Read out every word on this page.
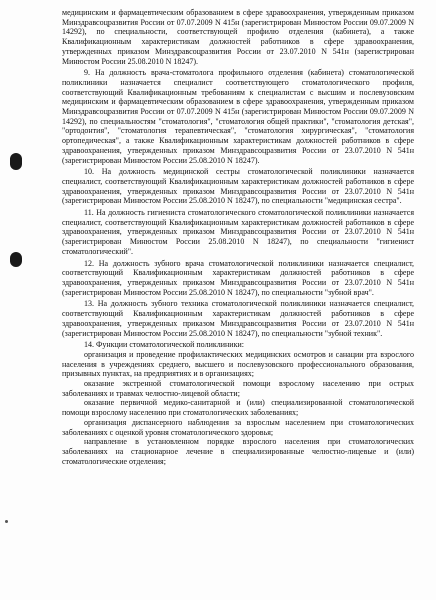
медицинским и фармацевтическим образованием в сфере здравоохранения, утвержденным приказом Минздравсоцразвития России от 07.07.2009 N 415н (зарегистрирован Минюстом России 09.07.2009 N 14292), по специальности, соответствующей профилю отделения (кабинета), а также Квалификационным характеристикам должностей работников в сфере здравоохранения, утвержденных приказом Минздравсоцразвития России от 23.07.2010 N 541н (зарегистрирован Минюстом России 25.08.2010 N 18247).

9. На должность врача-стоматолога профильного отделения (кабинета) стоматологической поликлиники назначается специалист соответствующего стоматологического профиля, соответствующий Квалификационным требованиям к специалистам с высшим и послевузовским медицинским и фармацевтическим образованием в сфере здравоохранения, утвержденным приказом Минздравсоцразвития России от 07.07.2009 N 415н (зарегистрирован Минюстом России 09.07.2009 N 14292), по специальностям "стоматология", "стоматология общей практики", "стоматология детская", "ортодонтия", "стоматология терапевтическая", "стоматология хирургическая", "стоматология ортопедическая", а также Квалификационным характеристикам должностей работников в сфере здравоохранения, утвержденных приказом Минздравсоцразвития России от 23.07.2010 N 541н (зарегистрирован Минюстом России 25.08.2010 N 18247).

10. На должность медицинской сестры стоматологической поликлиники назначается специалист, соответствующий Квалификационным характеристикам должностей работников в сфере здравоохранения, утвержденных приказом Минздравсоцразвития России от 23.07.2010 N 541н (зарегистрирован Минюстом России 25.08.2010 N 18247), по специальности "медицинская сестра".

11. На должность гигиениста стоматологического стоматологической поликлиники назначается специалист, соответствующий Квалификационным характеристикам должностей работников в сфере здравоохранения, утвержденных приказом Минздравсоцразвития России от 23.07.2010 N 541н (зарегистрирован Минюстом России 25.08.2010 N 18247), по специальности "гигиенист стоматологический".

12. На должность зубного врача стоматологической поликлиники назначается специалист, соответствующий Квалификационным характеристикам должностей работников в сфере здравоохранения, утвержденных приказом Минздравсоцразвития России от 23.07.2010 N 541н (зарегистрирован Минюстом России 25.08.2010 N 18247), по специальности "зубной врач".

13. На должность зубного техника стоматологической поликлиники назначается специалист, соответствующий Квалификационным характеристикам должностей работников в сфере здравоохранения, утвержденных приказом Минздравсоцразвития России от 23.07.2010 N 541н (зарегистрирован Минюстом России 25.08.2010 N 18247), по специальности "зубной техник".

14. Функции стоматологической поликлиники:

организация и проведение профилактических медицинских осмотров и санации рта взрослого населения в учреждениях среднего, высшего и послевузовского профессионального образования, призывных пунктах, на предприятиях и в организациях;

оказание экстренной стоматологической помощи взрослому населению при острых заболеваниях и травмах челюстно-лицевой области;

оказание первичной медико-санитарной и (или) специализированной стоматологической помощи взрослому населению при стоматологических заболеваниях;

организация диспансерного наблюдения за взрослым населением при стоматологических заболеваниях с оценкой уровня стоматологического здоровья;

направление в установленном порядке взрослого населения при стоматологических заболеваниях на стационарное лечение в специализированные челюстно-лицевые и (или) стоматологические отделения;
